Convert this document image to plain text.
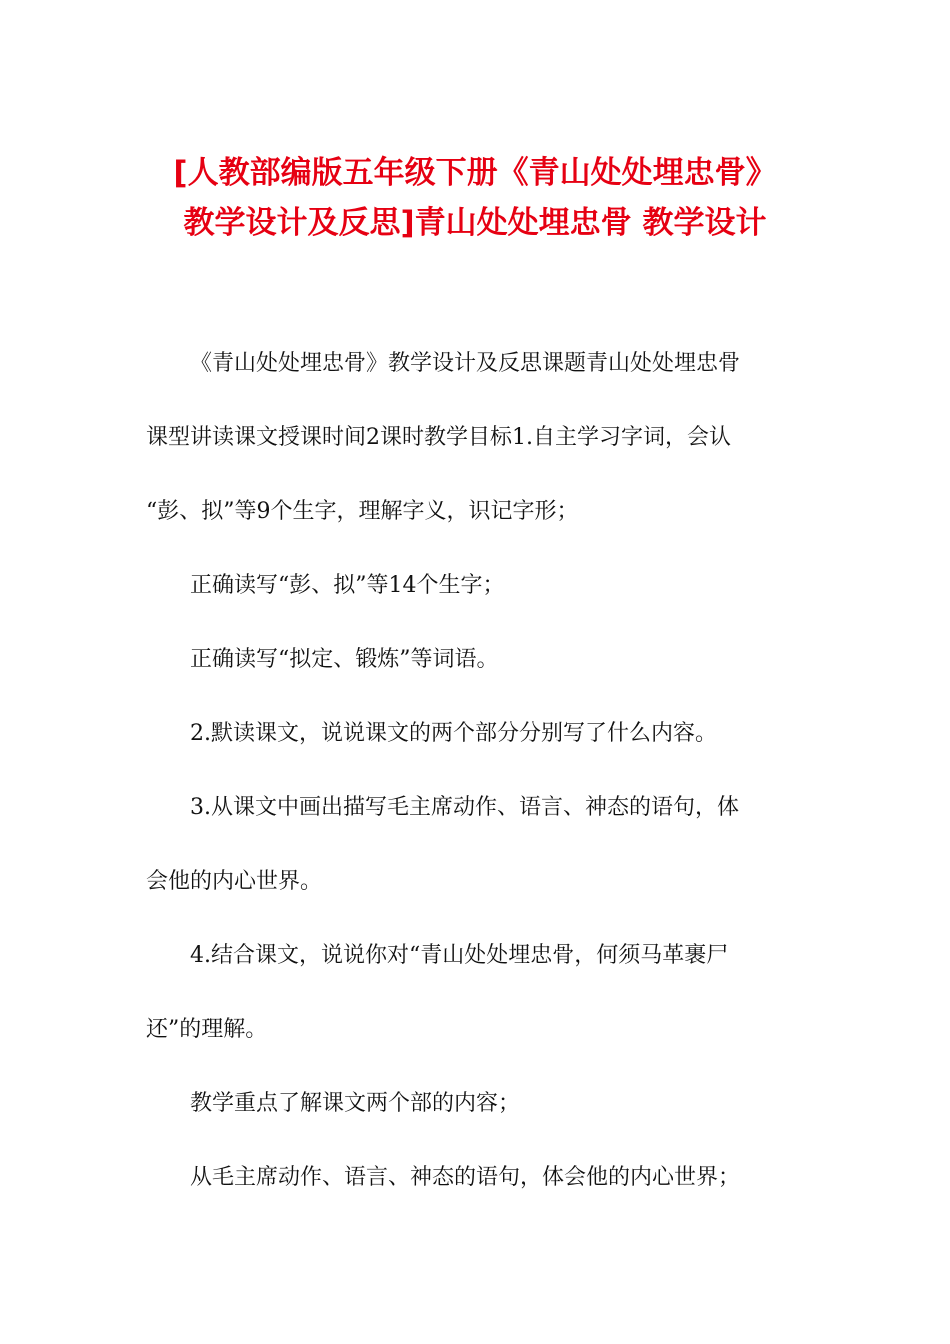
[人教部编版五年级下册《青山处处埋忠骨》
教学设计及反思]青山处处埋忠骨 教学设计

《青山处处埋忠骨》教学设计及反思课题青山处处埋忠骨
课型讲读课文授课时间2课时教学目标1.自主学习字词，会认
“彭、拟”等9个生字，理解字义，识记字形；

正确读写“彭、拟”等14个生字；

正确读写“拟定、锻炼”等词语。

2.默读课文，说说课文的两个部分分别写了什么内容。

3.从课文中画出描写毛主席动作、语言、神态的语句，体
会他的内心世界。

4.结合课文，说说你对“青山处处埋忠骨，何须马革裹尸
还”的理解。

教学重点了解课文两个部的内容；

从毛主席动作、语言、神态的语句，体会他的内心世界；
